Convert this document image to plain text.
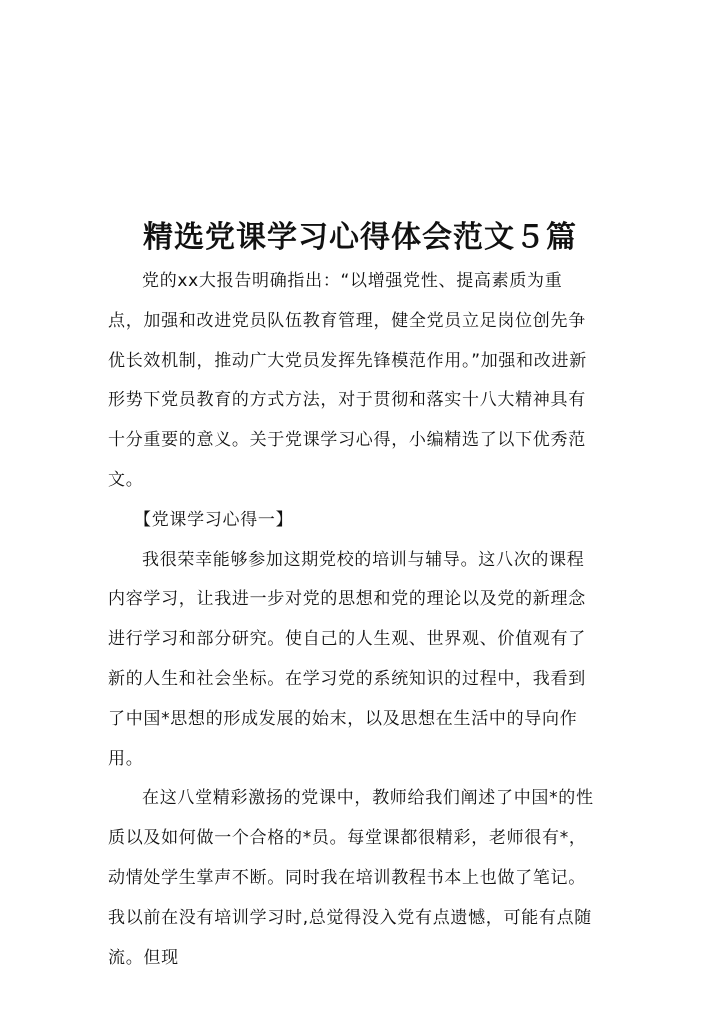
精选党课学习心得体会范文５篇

党的xx大报告明确指出：“以增强党性、提高素质为重点，加强和改进党员队伍教育管理，健全党员立足岗位创先争优长效机制，推动广大党员发挥先锋模范作用。”加强和改进新形势下党员教育的方式方法，对于贯彻和落实十八大精神具有十分重要的意义。关于党课学习心得，小编精选了以下优秀范文。

【党课学习心得一】

我很荣幸能够参加这期党校的培训与辅导。这八次的课程内容学习，让我进一步对党的思想和党的理论以及党的新理念进行学习和部分研究。使自己的人生观、世界观、价值观有了新的人生和社会坐标。在学习党的系统知识的过程中，我看到了中国*思想的形成发展的始末，以及思想在生活中的导向作用。

在这八堂精彩激扬的党课中，教师给我们阐述了中国*的性质以及如何做一个合格的*员。每堂课都很精彩，老师很有*，动情处学生掌声不断。同时我在培训教程书本上也做了笔记。我以前在没有培训学习时,总觉得没入党有点遗憾，可能有点随流。但现
